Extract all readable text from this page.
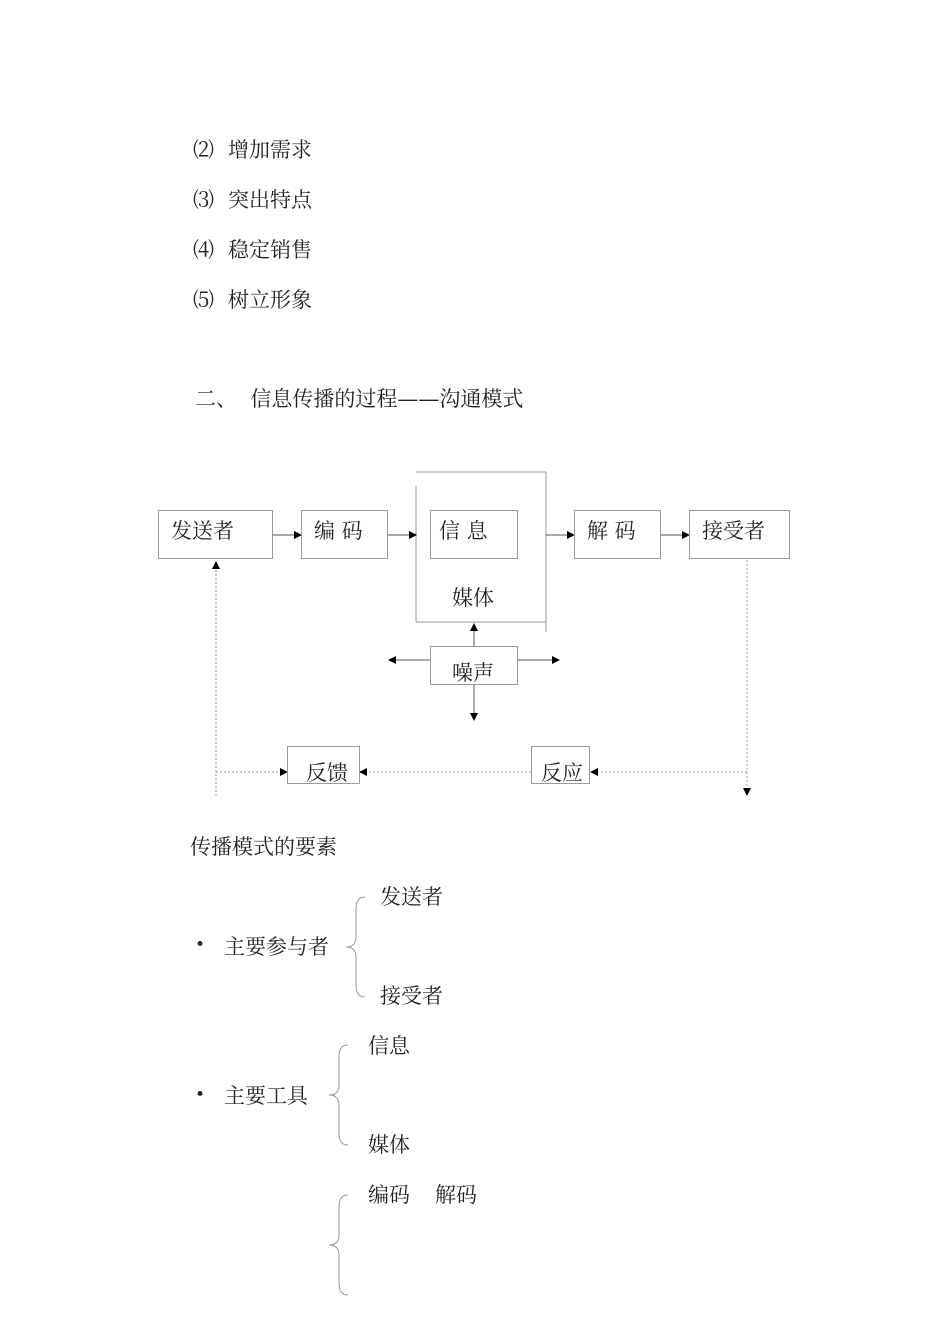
⑵ 增加需求
⑶ 突出特点
⑷ 稳定销售
⑸ 树立形象
二、  信息传播的过程——沟通模式
发送者	编 码	信 息
媒体
解 码	接受者
噪声
反馈	反应
传播模式的要素
• 主要参与者
发送者
接受者
• 主要工具
信息
媒体
编码 解码
